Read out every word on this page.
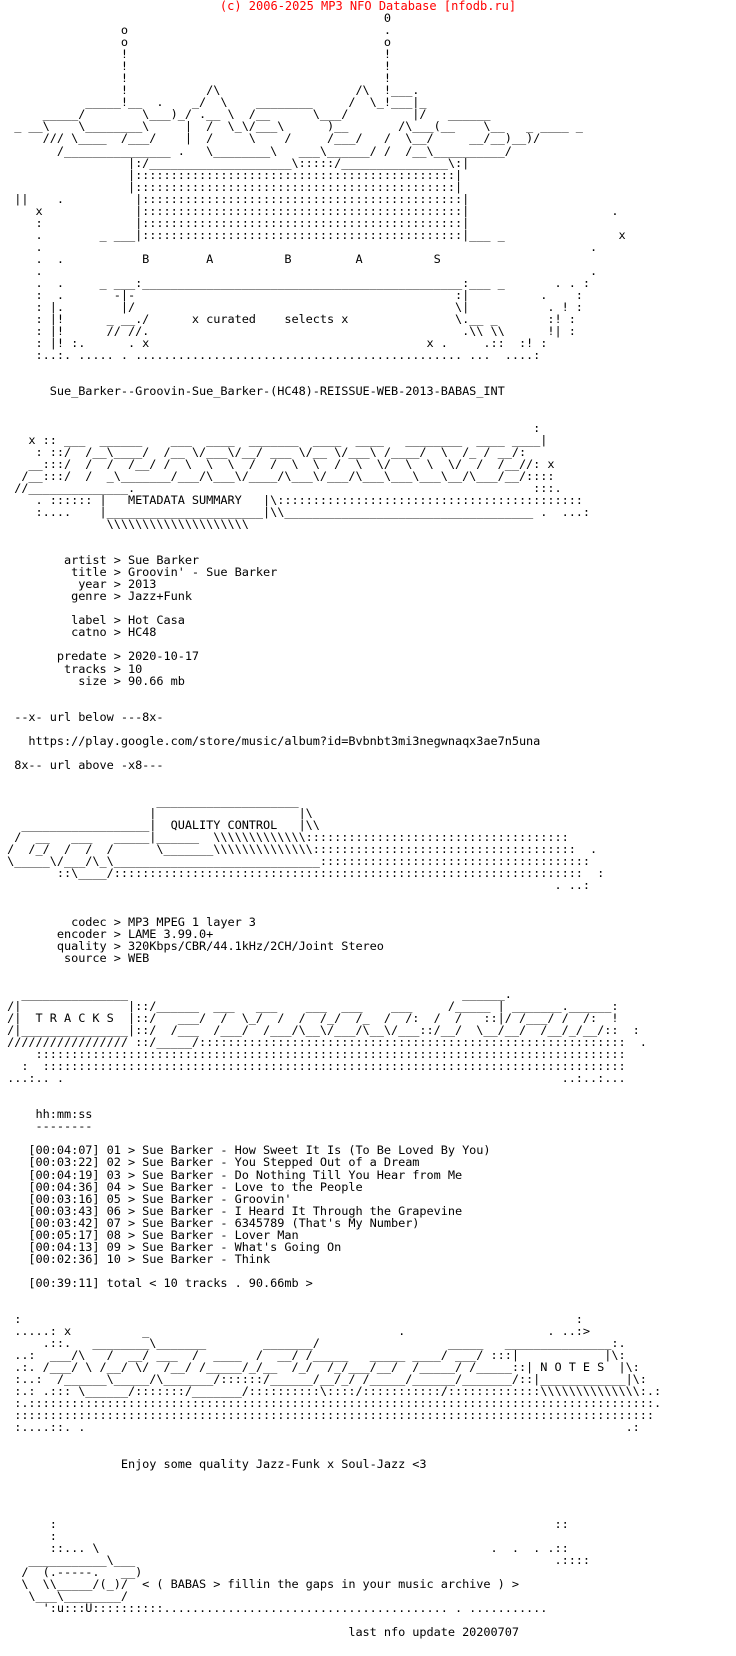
(c) 2006-2025 MP3 NFO Database [nfodb.ru]
0
o                                    .
o                                    o
!                                    !
!                                    !
!                                    !
!           /\                   /\  !___.
_____!__  .    _/  \    ________     /  \_!___|_
_____/        \___)_/ .__ \  /__      \___/         |/   ______
_ __\    \________\     |  /  \_\/___\      )__       /\___(__    \__   _ ____ _
/// \____  /___/    |  /     \    /     /___/   /  \__/     __/__)__)/
/_______________ .   \________\   ___\______/ /  /__\__________/
|:/____________________\:::::/_______________\:|
|:::::::::::::::::::::::::::::::::::::::::::::|
|:::::::::::::::::::::::::::::::::::::::::::::|
||    .          |:::::::::::::::::::::::::::::::::::::::::::::|
x             |:::::::::::::::::::::::::::::::::::::::::::::|                    .
:             |:::::::::::::::::::::::::::::::::::::::::::::|
.        _ ___|:::::::::::::::::::::::::::::::::::::::::::::|___ _                x
.                                                                             .
.  .           B        A          B         A          S
.                                                                             .
.  .     _ ___:_____________________________________________:___ _       . . :
:  .       -|-                                             :|          .    :
: |.        |/                                             \|           . ! :
: |!      _ __./      x curated    selects x               \.__ _       :! :
: |!      // //.                                            .\\ \\      !| :
: |! :.      . x                                       x .     .::  :! :
:..:. ..... . .............................................. ...  ....:

Sue_Barker--Groovin-Sue_Barker-(HC48)-REISSUE-WEB-2013-BABAS_INT

:
x :: ___  ______    ___  ____  _______  ____  ____   ________  ____ ____|
: ::/  /__\____/  /__ \/___\/__/ ___ \/__ \/___\ /____/  \  /_ / __/:
__:::/  /  /  /__/ /  \  \  \  /  /  \  \  /  \  \/  \  \  \/  /  /__//: x
/__:::/  /  _\_______/___/\___\/____/\___\/___/\___\___\___\__/\___/__/::::
//______________.                                                        :::.
. :::::: |   METADATA SUMMARY   |\:::::::::::::::::::::::::::::::::::::::::::
:....    |______________________|\\___________________________________ .  ...:
\\\\\\\\\\\\\\\\\\\\

artist > Sue Barker
title > Groovin' - Sue Barker
year > 2013
genre > Jazz+Funk

label > Hot Casa
catno > HC48

predate > 2020-10-17
tracks > 10
size > 90.66 mb

--x- url below ---8x-

https://play.google.com/store/music/album?id=Bvbnbt3mi3negwnaqx3ae7n5una

8x-- url above -x8---

____________________
|                    |\
__________________|  QUALITY CONTROL   |\\
/  __   ___   _____|______  \\\\\\\\\\\\\:::::::::::::::::::::::::::::::::::::
/  /_/  /  /  /      \_______\\\\\\\\\\\\\\:::::::::::::::::::::::::::::::::::::  .
\_____\/___/\_\_____________________________::::::::::::::::::::::::::::::::::::::
::\____/::::::::::::::::::::::::::::::::::::::::::::::::::::::::::::::::::  :
. ..:

codec > MP3 MPEG 1 layer 3
encoder > LAME 3.99.0+
quality > 320Kbps/CBR/44.1kHz/2CH/Joint Stereo
source > WEB

_______________                                               ______.
/|               |::/______  ___   ___    ___  ___    ___     /_____ | _______.______:
/|  T R A C K S  |::/   ___/  /  \_/  /  /  /_/  /_  /  /:  /  /   ::|/ /___/ /  /:  !
/|_______________|::/  /___  /___/  /___/\__\/___/\__\/___::/__/  \__/__/  /__/_/__/::  :
///////////////// ::/_____/::::::::::::::::::::::::::::::::::::::::::::::::::::::::::::  .
:::::::::::::::::::::::::::::::::::::::::::::::::::::::::::::::::::::::::::::::::::
:  ::::::::::::::::::::::::::::::::::::::::::::::::::::::::::::::::::::::::::::::::::
...:.. .                                                                      ..:..:...

hh:mm:ss
--------

[00:04:07] 01 > Sue Barker - How Sweet It Is (To Be Loved By You)
[00:03:22] 02 > Sue Barker - You Stepped Out of a Dream
[00:04:19] 03 > Sue Barker - Do Nothing Till You Hear from Me
[00:04:36] 04 > Sue Barker - Love to the People
[00:03:16] 05 > Sue Barker - Groovin'
[00:03:43] 06 > Sue Barker - I Heard It Through the Grapevine
[00:03:42] 07 > Sue Barker - 6345789 (That's My Number)
[00:05:17] 08 > Sue Barker - Lover Man
[00:04:13] 09 > Sue Barker - What's Going On
[00:02:36] 10 > Sue Barker - Think

[00:39:11] total < 10 tracks . 90.66mb >

:                                                                              :
.....: x          _                                   .                    . ..:>
.::.   ________\_______        _______/                  _____   _______________:.
..:  ___/\   /  __/ ___  /  ____  /  __/ /_____   _____ ____/ ___/ :::|            |\:
.:. /___/ \ /__/ \/  /__/ /_____/_/__  /_/  /_/___/__/  /_____/ /_____::| N O T E S  |\:
:..:  /______\_____/\_______/::::::/______/__/_/ /_____/______/_______/::|____________|\:
:.: .::: \______/:::::::/_______/::::::::::\::::/:::::::::::/:::::::::::::\\\\\\\\\\\\\\:.:
:.::::::::::::::::::::::::::::::::::::::::::::::::::::::::::::::::::::::::::::::::::::::::.
::::::::::::::::::::::::::::::::::::::::::::::::::::::::::::::::::::::::::::::::::::::::::
:....::. .                                                                            .:

Enjoy some quality Jazz-Funk x Soul-Jazz <3

:                                                                      ::
:
::... \                                                       .  .  . .::
___________\___                                                           .::::
/  (.-----.   __)
\  \\_____/(_)/  < ( BABAS > fillin the gaps in your music archive ) >
\___\________/
':u:::U::::::::::........................................ . ...........

last nfo update 20200707
